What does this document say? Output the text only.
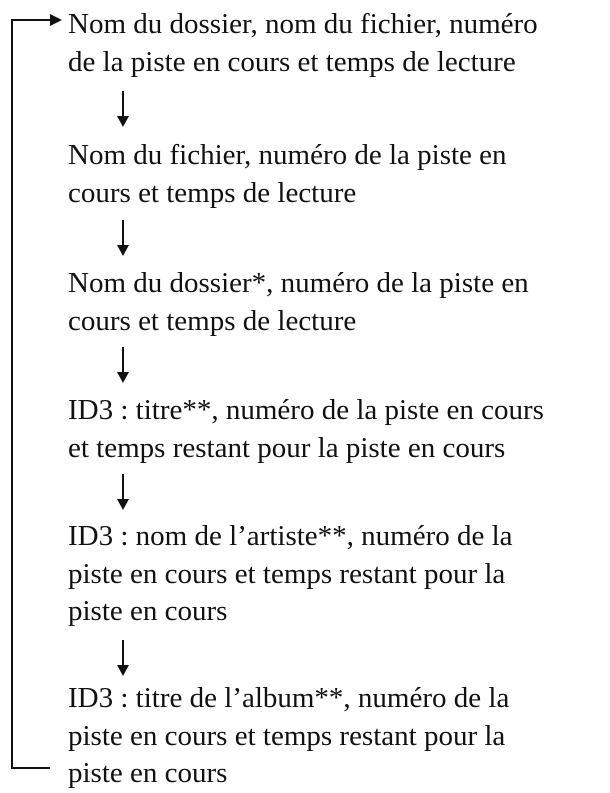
Nom du dossier, nom du fichier, numéro
de la piste en cours et temps de lecture
Nom du fichier, numéro de la piste en
cours et temps de lecture
Nom du dossier*, numéro de la piste en
cours et temps de lecture
ID3 : titre**, numéro de la piste en cours
et temps restant pour la piste en cours
ID3 : nom de l’artiste**, numéro de la
piste en cours et temps restant pour la
piste en cours
ID3 : titre de l’album**, numéro de la
piste en cours et temps restant pour la
piste en cours
